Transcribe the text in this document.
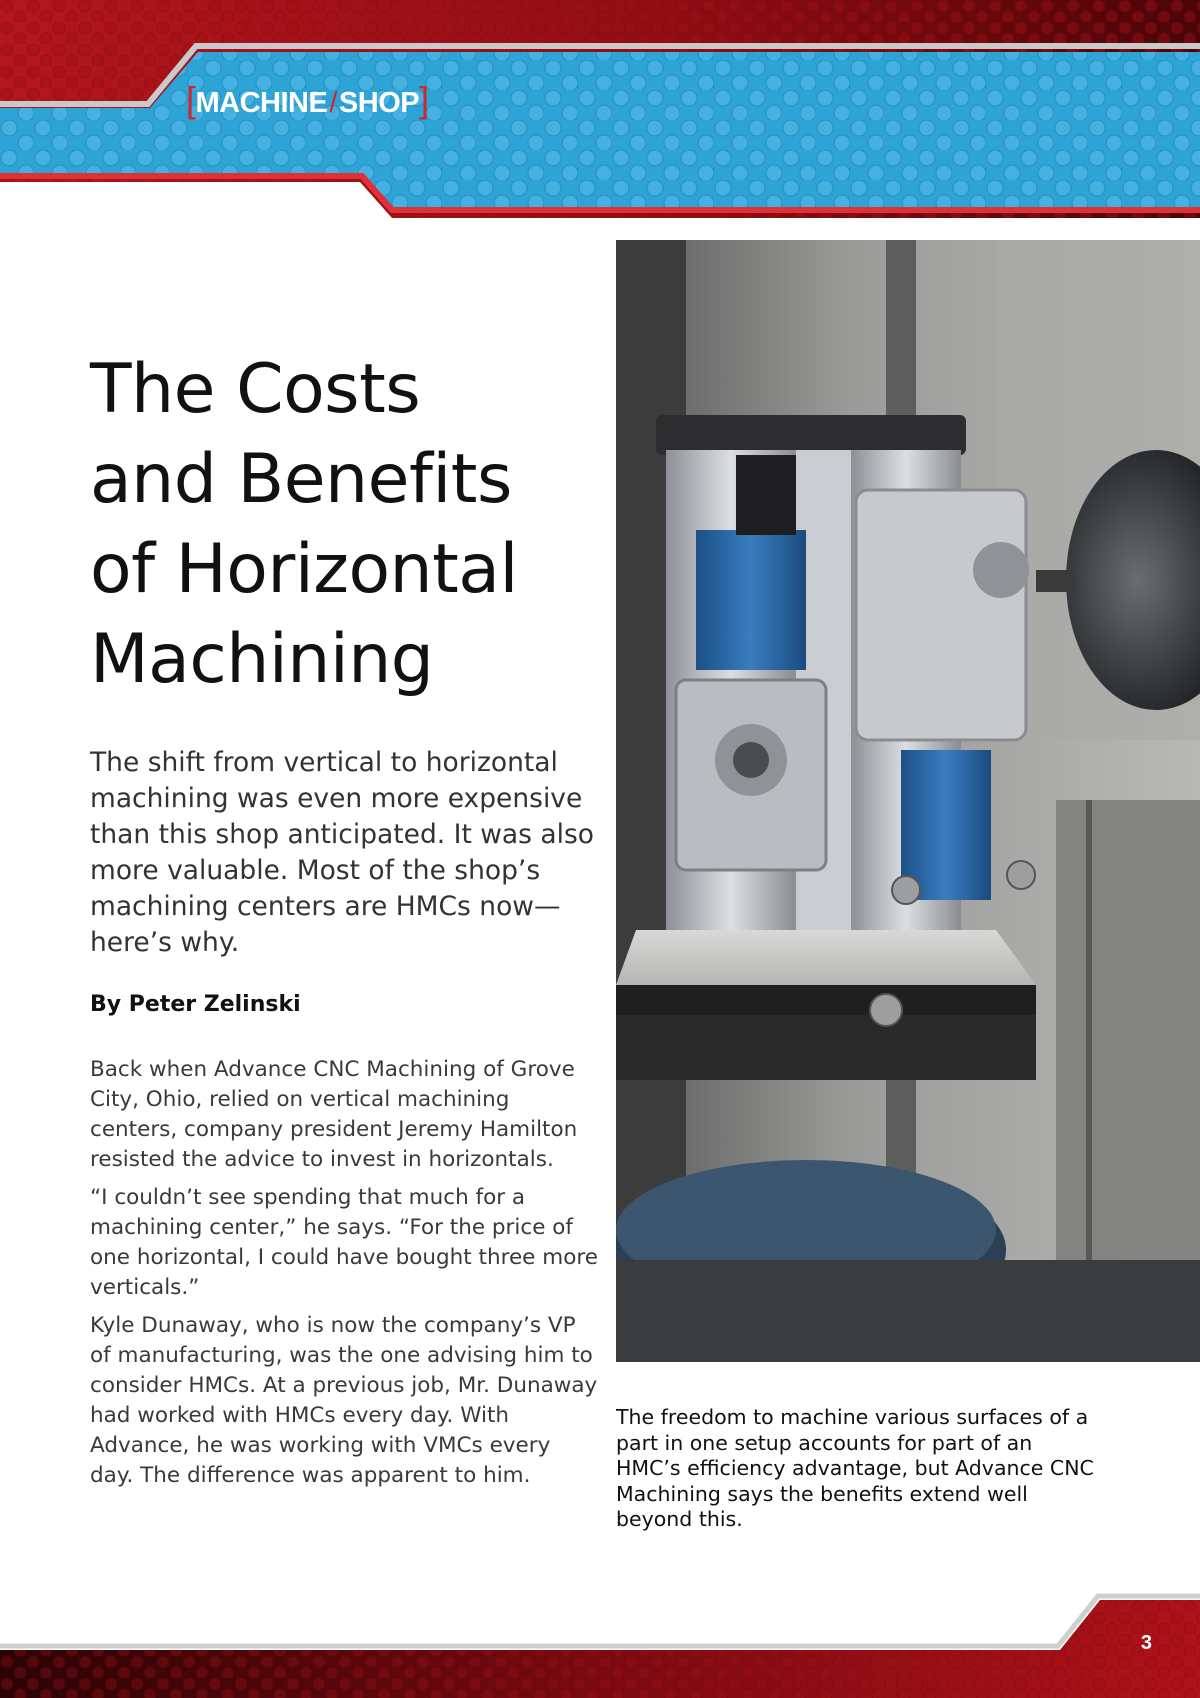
[MACHINE/SHOP]
The Costs
and Benefits
of Horizontal
Machining

The shift from vertical to horizontal machining was even more expensive than this shop anticipated. It was also more valuable. Most of the shop’s machining centers are HMCs now—here’s why.

By Peter Zelinski

Back when Advance CNC Machining of Grove City, Ohio, relied on vertical machining centers, company president Jeremy Hamilton resisted the advice to invest in horizontals.

“I couldn’t see spending that much for a machining center,” he says. “For the price of one horizontal, I could have bought three more verticals.”

Kyle Dunaway, who is now the company’s VP of manufacturing, was the one advising him to consider HMCs. At a previous job, Mr. Dunaway had worked with HMCs every day. With Advance, he was working with VMCs every day. The difference was apparent to him.

The freedom to machine various surfaces of a part in one setup accounts for part of an HMC’s efficiency advantage, but Advance CNC Machining says the benefits extend well beyond this.

3
